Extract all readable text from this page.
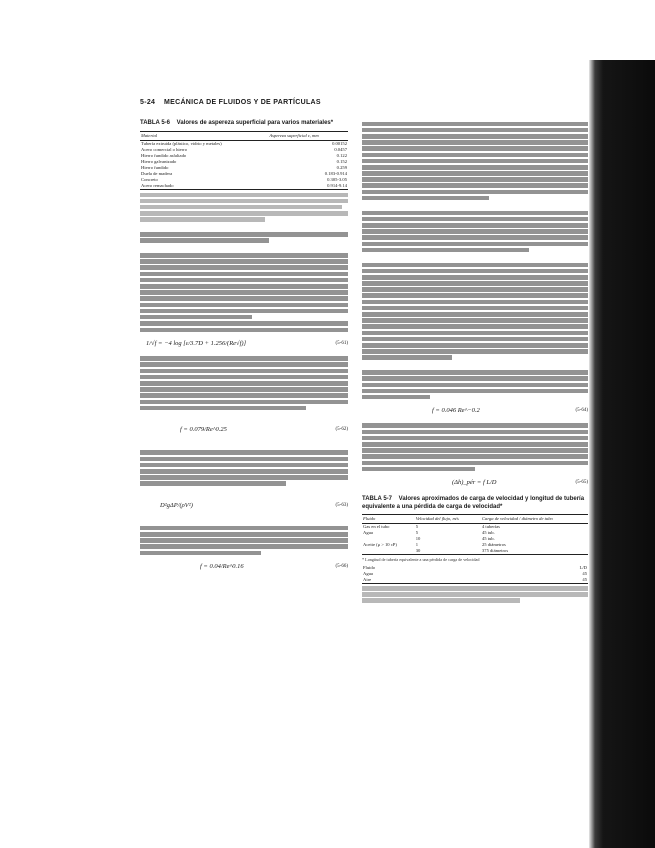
5-24 MECÁNICA DE FLUIDOS Y DE PARTÍCULAS
TABLA 5-6 Valores de aspereza superficial para varios materiales*
Material	Aspereza superficial ε, mm
Tubería extruida (plástico, vidrio y metales)	0.00152
Acero comercial o hierro	0.0457
Hierro fundido asfaltado	0.122
Hierro galvanizado	0.152
Hierro fundido	0.259
Duela de madera	0.183-0.914
Concreto	0.305-3.05
Acero remachado	0.914-9.14
1/√f = −4 log [ε/3.7D + 1.256/(Re√f)]	(5-61)
f = 0.079/Re^0.25	(5-62)
D²gΔP/(ρV²)	(5-63)
f = 0.04/Re^0.16	(5-66)
f = 0.046 Re^−0.2	(5-64)
(Δh)_pér = f L/D	(5-65)
TABLA 5-7 Valores aproximados de carga de velocidad y longitud de tubería equivalente a una pérdida de carga de velocidad*
Fluido	Velocidad del flujo, m/s	Carga de velocidad / diámetro de tubo
Gas en el tubo	5	4 tuberías
Agua	5	45 tub.
	10	45 tub.
Aceite (μ > 10 cP)	1	25 diámetros
	30	375 diámetros
* Longitud de tubería equivalente a una pérdida de carga de velocidad
Fluido	L/D
Agua	45
Aire	45
